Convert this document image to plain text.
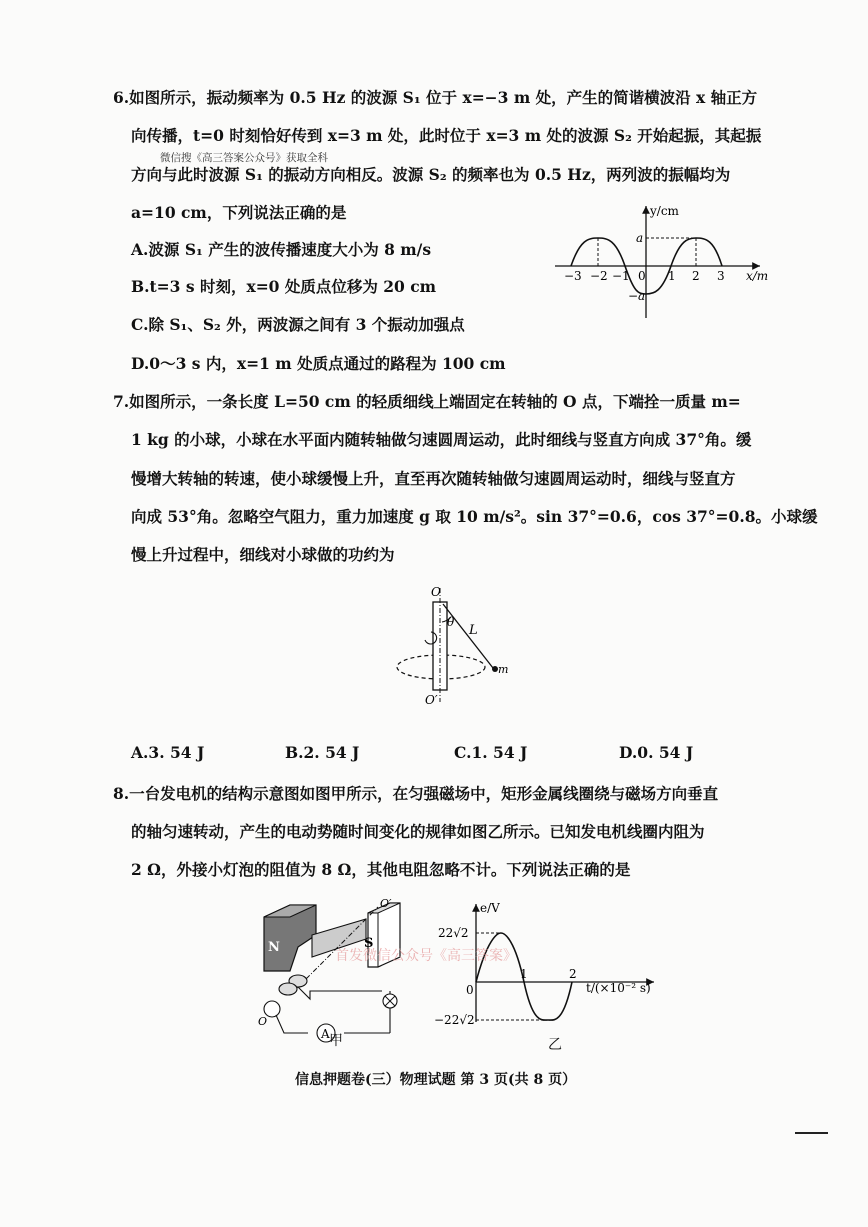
6.如图所示，振动频率为 0.5 Hz 的波源 S₁ 位于 x=−3 m 处，产生的简谐横波沿 x 轴正方
向传播，t=0 时刻恰好传到 x=3 m 处，此时位于 x=3 m 处的波源 S₂ 开始起振，其起振
微信搜《高三答案公众号》获取全科
方向与此时波源 S₁ 的振动方向相反。波源 S₂ 的频率也为 0.5 Hz，两列波的振幅均为
a=10 cm，下列说法正确的是
A.波源 S₁ 产生的波传播速度大小为 8 m/s
B.t=3 s 时刻，x=0 处质点位移为 20 cm
C.除 S₁、S₂ 外，两波源之间有 3 个振动加强点
D.0～3 s 内，x=1 m 处质点通过的路程为 100 cm
y/cm
x/m
a
−a
0
−3 −2 −1	1 2 3
7.如图所示，一条长度 L=50 cm 的轻质细线上端固定在转轴的 O 点，下端拴一质量 m=
1 kg 的小球，小球在水平面内随转轴做匀速圆周运动，此时细线与竖直方向成 37°角。缓
慢增大转轴的转速，使小球缓慢上升，直至再次随转轴做匀速圆周运动时，细线与竖直方
向成 53°角。忽略空气阻力，重力加速度 g 取 10 m/s²。sin 37°=0.6，cos 37°=0.8。小球缓
慢上升过程中，细线对小球做的功约为
O
θ
L
m
O′
A.3. 54 J	B.2. 54 J	C.1. 54 J	D.0. 54 J
8.一台发电机的结构示意图如图甲所示，在匀强磁场中，矩形金属线圈绕与磁场方向垂直
的轴匀速转动，产生的电动势随时间变化的规律如图乙所示。已知发电机线圈内阻为
2 Ω，外接小灯泡的阻值为 8 Ω，其他电阻忽略不计。下列说法正确的是
N	S
O′
O
A 甲
e/V
t/(×10⁻² s)
22√2
−22√2
0
1	2
乙
首发微信公众号《高三答案》
信息押题卷(三）物理试题 第 3 页(共 8 页）
